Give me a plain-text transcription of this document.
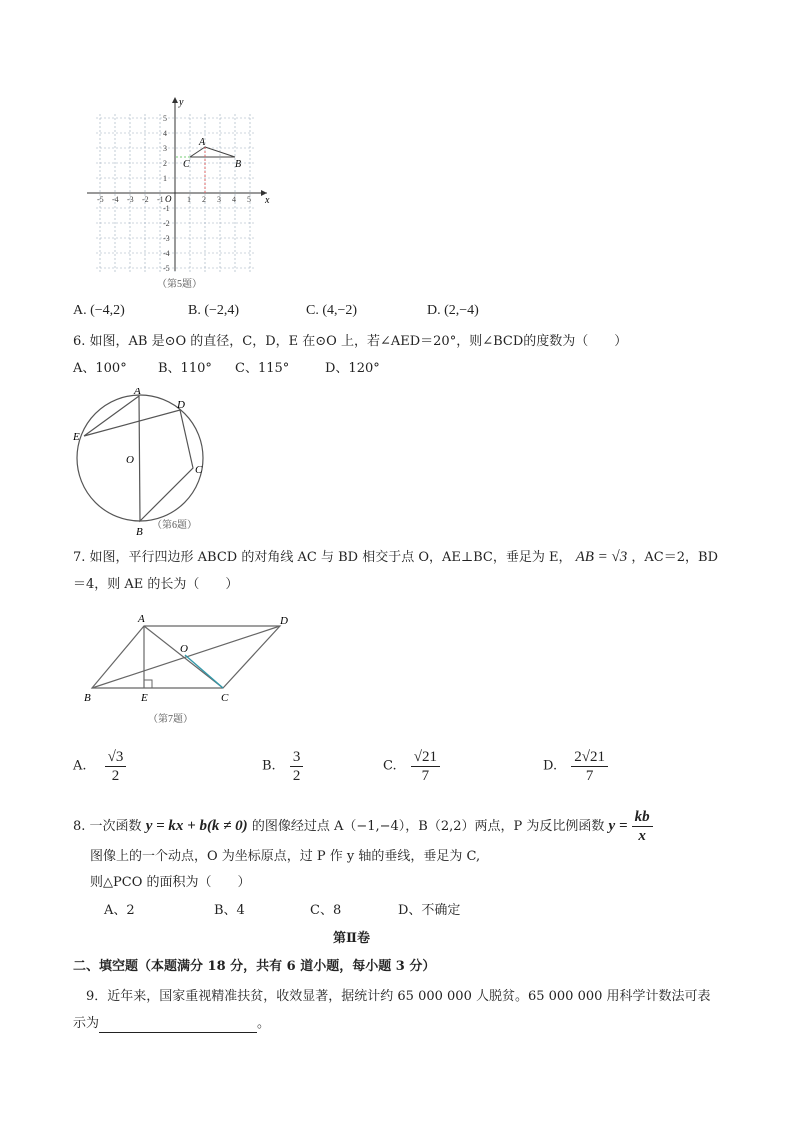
-5 -4 -3 -2 -1	1 2 3 4 5
5
4
3
2
1
-1
-2
-3
-4
-5
A
B
C
O	x
y
（第5题）
A. (−4,2)	B. (−2,4)	C. (4,−2)	D. (2,−4)
6. 如图，AB 是⊙O 的直径，C，D，E 在⊙O 上，若∠AED＝20°，则∠BCD的度数为（　　）
A、100° B、110° C、115°	D、120°
A
B
C
D
E
O
（第6题）
7. 如图，平行四边形 ABCD 的对角线 AC 与 BD 相交于点 O，AE⊥BC，垂足为 E， AB = √3 ，AC＝2，BD
＝4，则 AE 的长为（　　）
A	D
B	C
E
O
（第7题）
A. $\frac{√3}{2}$	B. $\frac{3}{2}$	C. $\frac{√21}{7}$	D. $\frac{2√21}{7}$
8. 一次函数 y = kx + b(k ≠ 0) 的图像经过点 A（−1,−4），B（2,2）两点，P 为反比例函数 $y = \frac{kb}{x}$
图像上的一个动点，O 为坐标原点，过 P 作 y 轴的垂线，垂足为 C,
则△PCO 的面积为（　　）
A、2	B、4	C、8	D、不确定
第Ⅱ卷
二、填空题（本题满分 18 分，共有 6 道小题，每小题 3 分）
9．近年来，国家重视精准扶贫，收效显著，据统计约 65 000 000 人脱贫。65 000 000 用科学计数法可表
示为	。
